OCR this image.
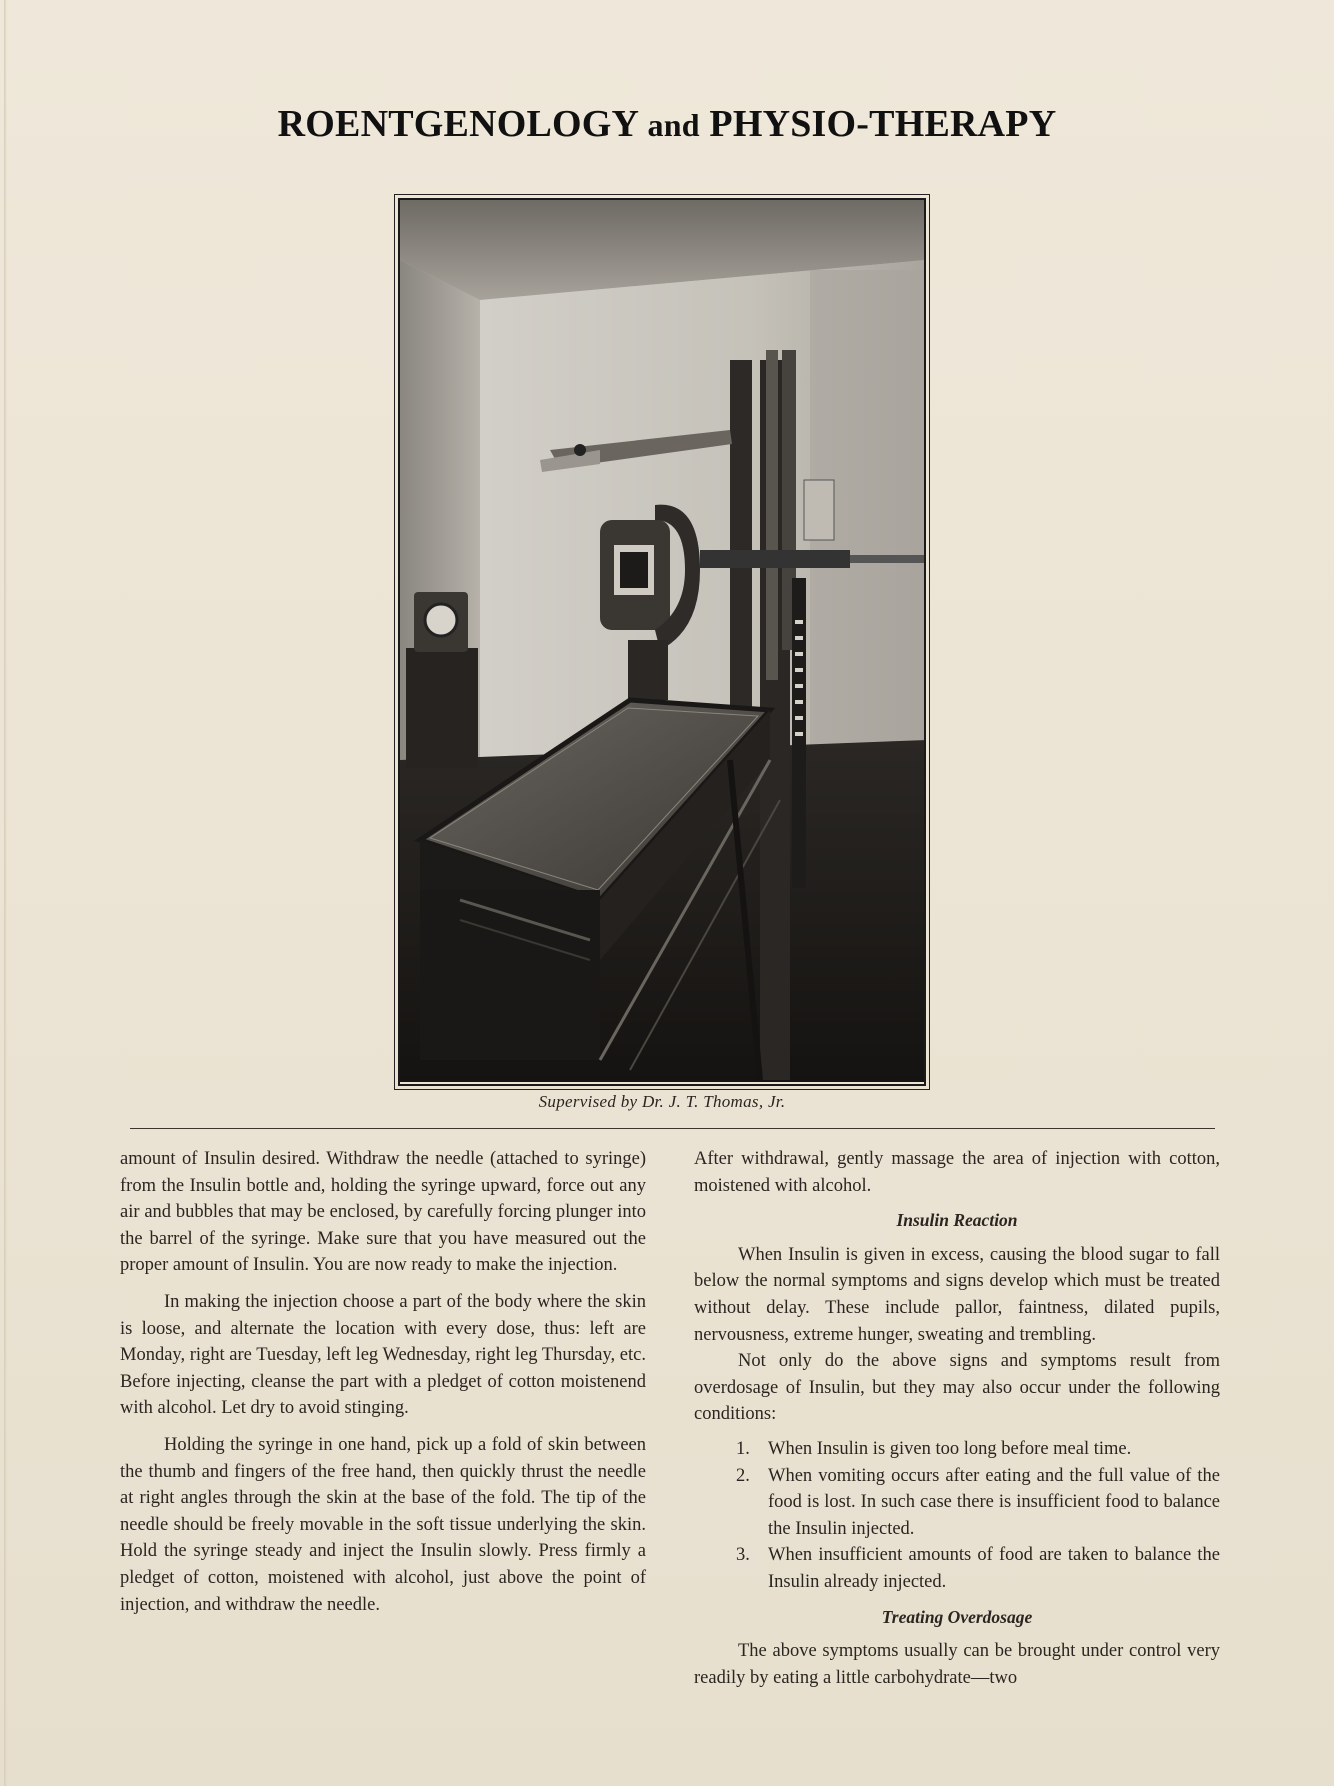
ROENTGENOLOGY and PHYSIO-THERAPY
Supervised by Dr. J. T. Thomas, Jr.

amount of Insulin desired. Withdraw the needle (attached to syringe) from the Insulin bottle and, holding the syringe upward, force out any air and bubbles that may be enclosed, by carefully forcing plunger into the barrel of the syringe. Make sure that you have measured out the proper amount of Insulin. You are now ready to make the injection.

In making the injection choose a part of the body where the skin is loose, and alternate the location with every dose, thus: left are Monday, right are Tuesday, left leg Wednesday, right leg Thursday, etc. Before injecting, cleanse the part with a pledget of cotton moistenend with alcohol. Let dry to avoid stinging.

Holding the syringe in one hand, pick up a fold of skin between the thumb and fingers of the free hand, then quickly thrust the needle at right angles through the skin at the base of the fold. The tip of the needle should be freely movable in the soft tissue underlying the skin. Hold the syringe steady and inject the Insulin slowly. Press firmly a pledget of cotton, moistened with alcohol, just above the point of injection, and withdraw the needle.

After withdrawal, gently massage the area of injection with cotton, moistened with alcohol.

Insulin Reaction

When Insulin is given in excess, causing the blood sugar to fall below the normal symptoms and signs develop which must be treated without delay. These include pallor, faintness, dilated pupils, nervousness, extreme hunger, sweating and trembling.

Not only do the above signs and symptoms result from overdosage of Insulin, but they may also occur under the following conditions:

1. When Insulin is given too long before meal time.
2. When vomiting occurs after eating and the full value of the food is lost. In such case there is insufficient food to balance the Insulin injected.
3. When insufficient amounts of food are taken to balance the Insulin already injected.
Treating Overdosage

The above symptoms usually can be brought under control very readily by eating a little carbohydrate—two
